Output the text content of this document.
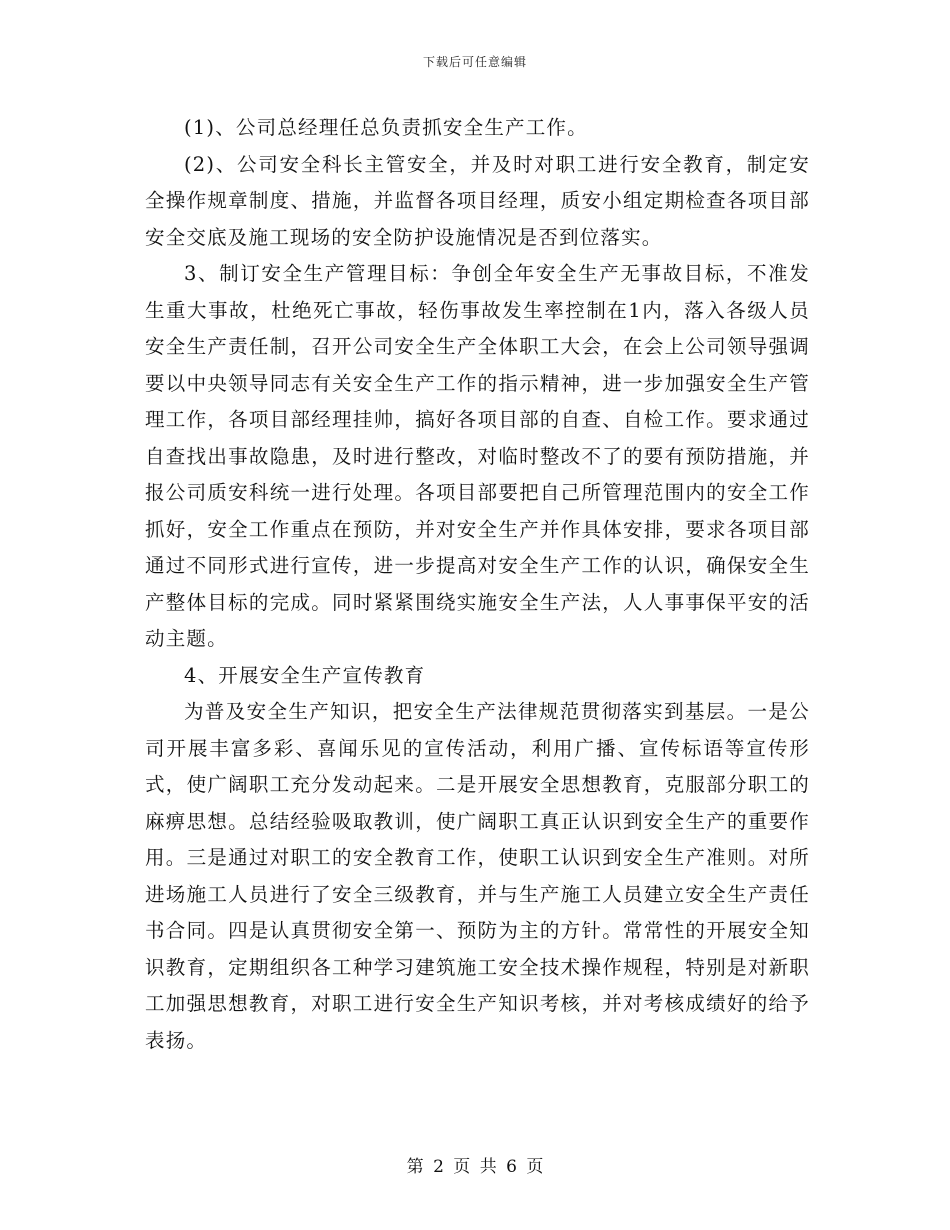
下载后可任意编辑

(1)、公司总经理任总负责抓安全生产工作。

(2)、公司安全科长主管安全，并及时对职工进行安全教育，制定安全操作规章制度、措施，并监督各项目经理，质安小组定期检查各项目部安全交底及施工现场的安全防护设施情况是否到位落实。

3、制订安全生产管理目标：争创全年安全生产无事故目标，不准发生重大事故，杜绝死亡事故，轻伤事故发生率控制在1内，落入各级人员安全生产责任制，召开公司安全生产全体职工大会，在会上公司领导强调要以中央领导同志有关安全生产工作的指示精神，进一步加强安全生产管理工作，各项目部经理挂帅，搞好各项目部的自查、自检工作。要求通过自查找出事故隐患，及时进行整改，对临时整改不了的要有预防措施，并报公司质安科统一进行处理。各项目部要把自己所管理范围内的安全工作抓好，安全工作重点在预防，并对安全生产并作具体安排，要求各项目部通过不同形式进行宣传，进一步提高对安全生产工作的认识，确保安全生产整体目标的完成。同时紧紧围绕实施安全生产法，人人事事保平安的活动主题。

4、开展安全生产宣传教育

为普及安全生产知识，把安全生产法律规范贯彻落实到基层。一是公司开展丰富多彩、喜闻乐见的宣传活动，利用广播、宣传标语等宣传形式，使广阔职工充分发动起来。二是开展安全思想教育，克服部分职工的麻痹思想。总结经验吸取教训，使广阔职工真正认识到安全生产的重要作用。三是通过对职工的安全教育工作，使职工认识到安全生产准则。对所进场施工人员进行了安全三级教育，并与生产施工人员建立安全生产责任书合同。四是认真贯彻安全第一、预防为主的方针。常常性的开展安全知识教育，定期组织各工种学习建筑施工安全技术操作规程，特别是对新职工加强思想教育，对职工进行安全生产知识考核，并对考核成绩好的给予表扬。

第 2 页 共 6 页
